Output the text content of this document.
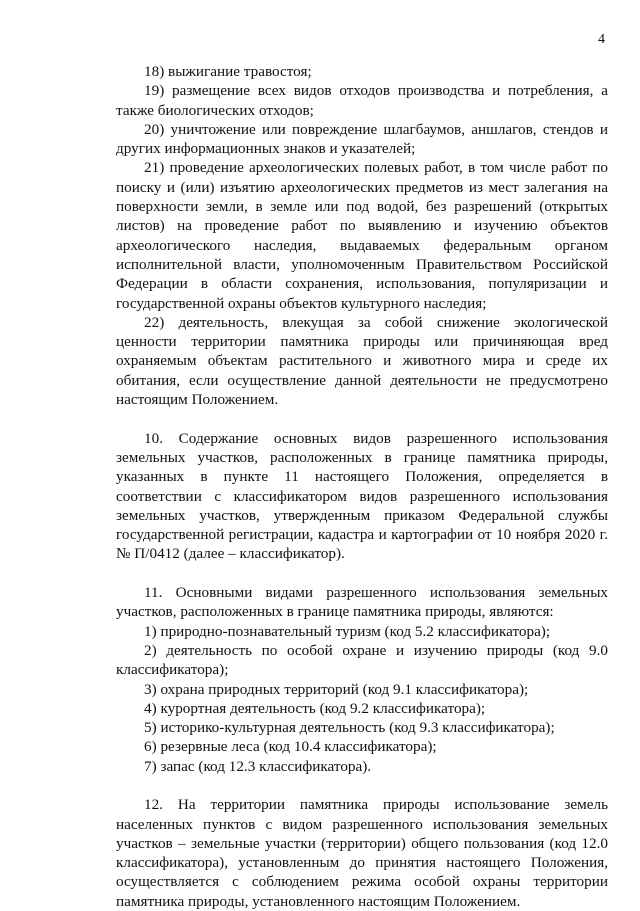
4

18) выжигание травостоя;

19) размещение всех видов отходов производства и потребления, а также биологических отходов;

20) уничтожение или повреждение шлагбаумов, аншлагов, стендов и других информационных знаков и указателей;

21) проведение археологических полевых работ, в том числе работ по поиску и (или) изъятию археологических предметов из мест залегания на поверхности земли, в земле или под водой, без разрешений (открытых листов) на проведение работ по выявлению и изучению объектов археологического наследия, выдаваемых федеральным органом исполнительной власти, уполномоченным Правительством Российской Федерации в области сохранения, использования, популяризации и государственной охраны объектов культурного наследия;

22) деятельность, влекущая за собой снижение экологической ценности территории памятника природы или причиняющая вред охраняемым объектам растительного и животного мира и среде их обитания, если осуществление данной деятельности не предусмотрено настоящим Положением.

10. Содержание основных видов разрешенного использования земельных участков, расположенных в границе памятника природы, указанных в пункте 11 настоящего Положения, определяется в соответствии с классификатором видов разрешенного использования земельных участков, утвержденным приказом Федеральной службы государственной регистрации, кадастра и картографии от 10 ноября 2020 г. № П/0412 (далее – классификатор).

11. Основными видами разрешенного использования земельных участков, расположенных в границе памятника природы, являются:

1) природно-познавательный туризм (код 5.2 классификатора);

2) деятельность по особой охране и изучению природы (код 9.0 классификатора);

3) охрана природных территорий (код 9.1 классификатора);

4) курортная деятельность (код 9.2 классификатора);

5) историко-культурная деятельность (код 9.3 классификатора);

6) резервные леса (код 10.4 классификатора);

7) запас (код 12.3 классификатора).

12. На территории памятника природы использование земель населенных пунктов с видом разрешенного использования земельных участков – земельные участки (территории) общего пользования (код 12.0 классификатора), установленным до принятия настоящего Положения, осуществляется с соблюдением режима особой охраны территории памятника природы, установленного настоящим Положением.
